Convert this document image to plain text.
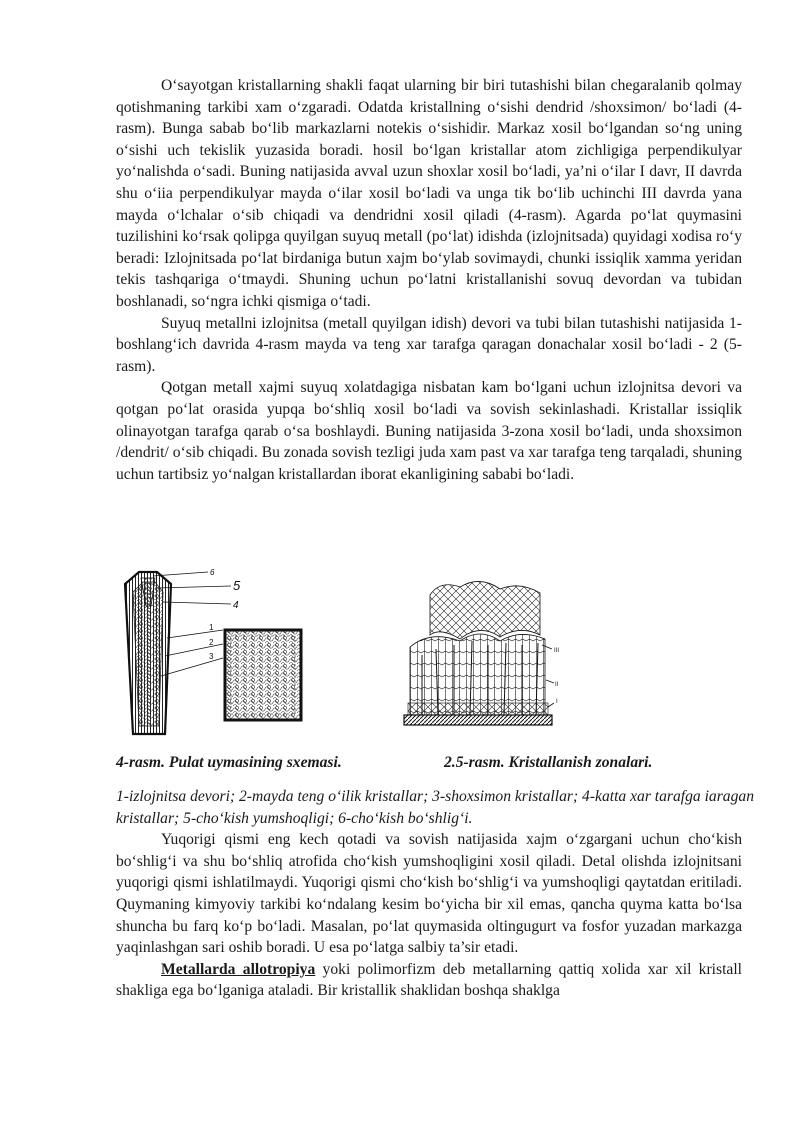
O‘sayotgan kristallarning shakli faqat ularning bir biri tutashishi bilan chegaralanib qolmay qotishmaning tarkibi xam o‘zgaradi. Odatda kristallning o‘sishi dendrid /shoxsimon/ bo‘ladi (4-rasm). Bunga sabab bo‘lib markazlarni notekis o‘sishidir. Markaz xosil bo‘lgandan so‘ng uning o‘sishi uch tekislik yuzasida boradi. hosil bo‘lgan kristallar atom zichligiga perpendikulyar yo‘nalishda o‘sadi. Buning natijasida avval uzun shoxlar xosil bo‘ladi, ya’ni o‘ilar I davr, II davrda shu o‘iia perpendikulyar mayda o‘ilar xosil bo‘ladi va unga tik bo‘lib uchinchi III davrda yana mayda o‘lchalar o‘sib chiqadi va dendridni xosil qiladi (4-rasm). Agarda po‘lat quymasini tuzilishini ko‘rsak qolipga quyilgan suyuq metall (po‘lat) idishda (izlojnitsada) quyidagi xodisa ro‘y beradi: Izlojnitsada po‘lat birdaniga butun xajm bo‘ylab sovimaydi, chunki issiqlik xamma yeridan tekis tashqariga o‘tmaydi. Shuning uchun po‘latni kristallanishi sovuq devordan va tubidan boshlanadi, so‘ngra ichki qismiga o‘tadi.

Suyuq metallni izlojnitsa (metall quyilgan idish) devori va tubi bilan tutashishi natijasida 1-boshlang‘ich davrida 4-rasm mayda va teng xar tarafga qaragan donachalar xosil bo‘ladi - 2 (5-rasm).

Qotgan metall xajmi suyuq xolatdagiga nisbatan kam bo‘lgani uchun izlojnitsa devori va qotgan po‘lat orasida yupqa bo‘shliq xosil bo‘ladi va sovish sekinlashadi. Kristallar issiqlik olinayotgan tarafga qarab o‘sa boshlaydi. Buning natijasida 3-zona xosil bo‘ladi, unda shoxsimon /dendrit/ o‘sib chiqadi. Bu zonada sovish tezligi juda xam past va xar tarafga teng tarqaladi, shuning uchun tartibsiz yo‘nalgan kristallardan iborat ekanligining sababi bo‘ladi.

6
5
4
1
2
3
III
II
I
4-rasm. Pulat uymasining sxemasi.	2.5-rasm. Kristallanish zonalari.

1-izlojnitsa devori; 2-mayda teng o‘ilik kristallar; 3-shoxsimon kristallar; 4-katta xar tarafga iaragan kristallar; 5-cho‘kish yumshoqligi; 6-cho‘kish bo‘shlig‘i.

Yuqorigi qismi eng kech qotadi va sovish natijasida xajm o‘zgargani uchun cho‘kish bo‘shlig‘i va shu bo‘shliq atrofida cho‘kish yumshoqligini xosil qiladi. Detal olishda izlojnitsani yuqorigi qismi ishlatilmaydi. Yuqorigi qismi cho‘kish bo‘shlig‘i va yumshoqligi qaytatdan eritiladi. Quymaning kimyoviy tarkibi ko‘ndalang kesim bo‘yicha bir xil emas, qancha quyma katta bo‘lsa shuncha bu farq ko‘p bo‘ladi. Masalan, po‘lat quymasida oltingugurt va fosfor yuzadan markazga yaqinlashgan sari oshib boradi. U esa po‘latga salbiy ta’sir etadi.

Metallarda allotropiya yoki polimorfizm deb metallarning qattiq xolida xar xil kristall shakliga ega bo‘lganiga ataladi. Bir kristallik shaklidan boshqa shaklga
